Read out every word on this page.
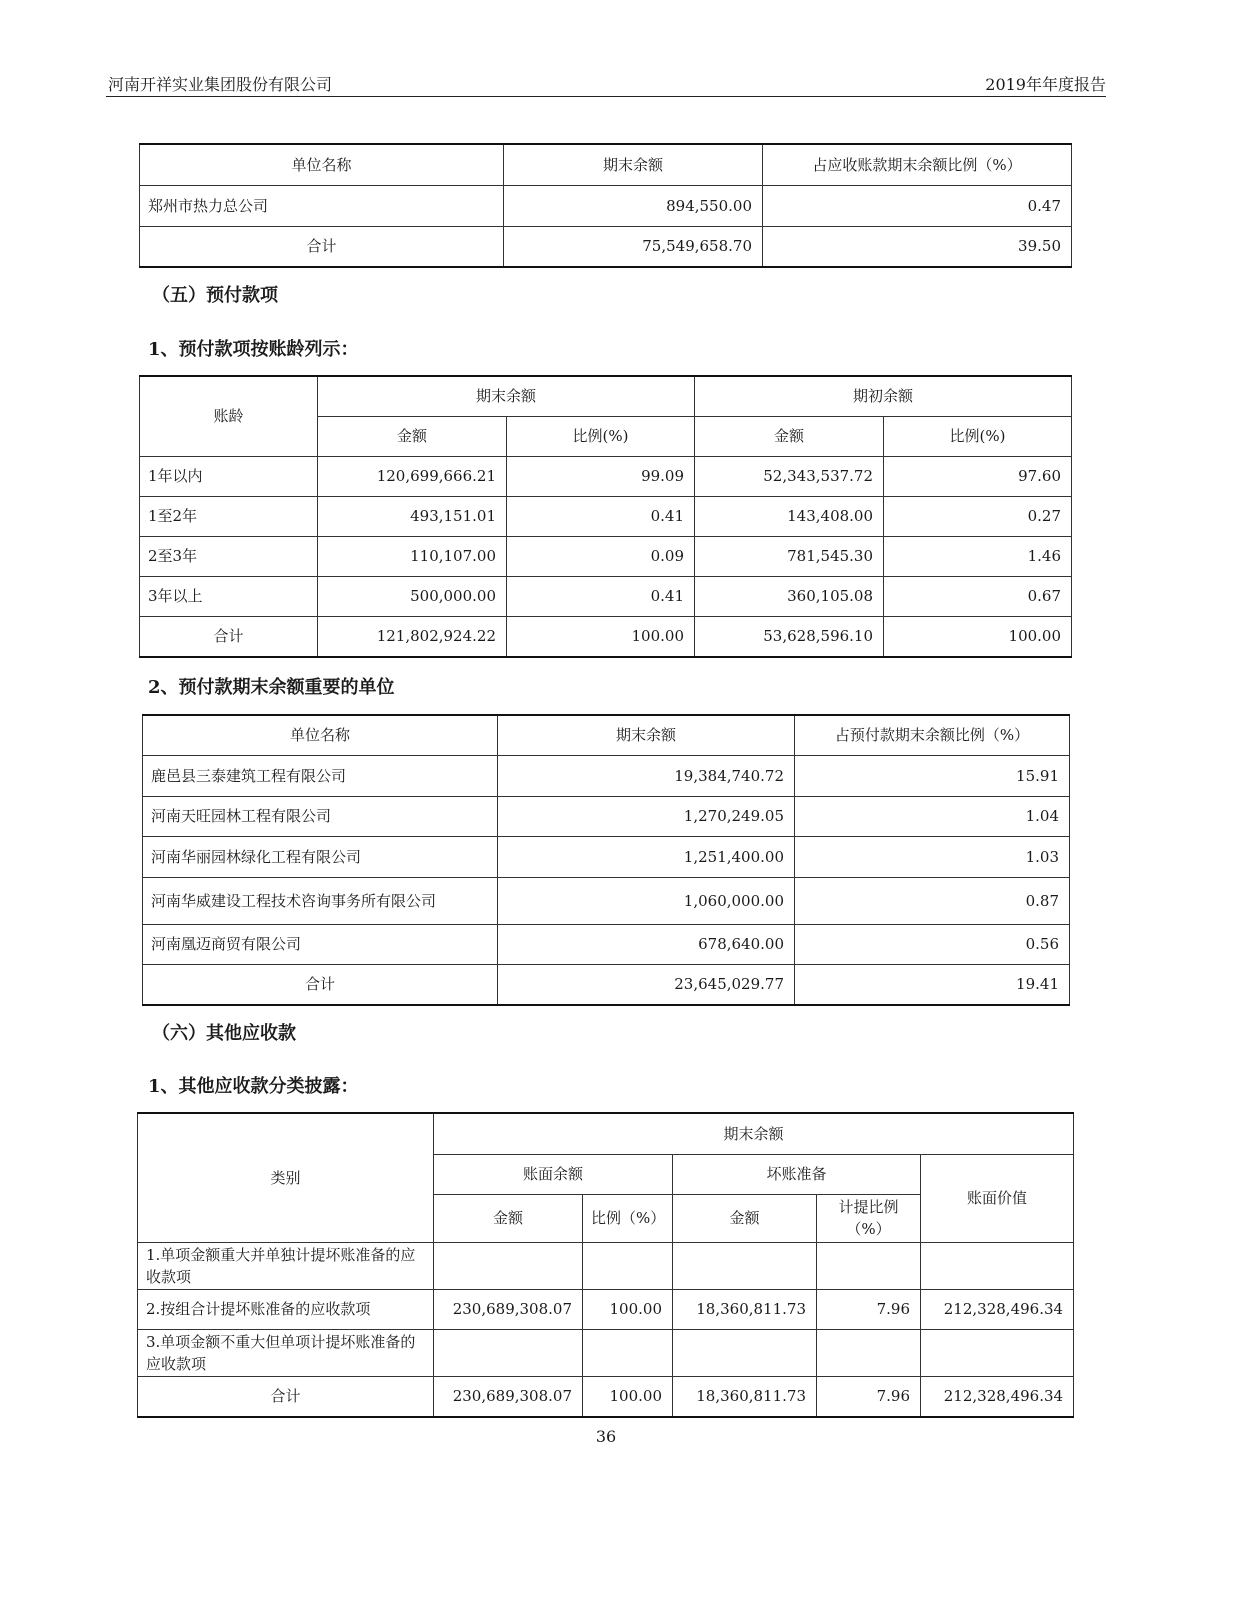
河南开祥实业集团股份有限公司	2019年年度报告
单位名称	期末余额	占应收账款期末余额比例（%）
郑州市热力总公司	894,550.00	0.47
合计	75,549,658.70	39.50
（五）预付款项
1、预付款项按账龄列示：
账龄	期末余额		期初余额	
	金额	比例(%)	金额	比例(%)
1年以内	120,699,666.21	99.09	52,343,537.72	97.60
1至2年	493,151.01	0.41	143,408.00	0.27
2至3年	110,107.00	0.09	781,545.30	1.46
3年以上	500,000.00	0.41	360,105.08	0.67
合计	121,802,924.22	100.00	53,628,596.10	100.00
2、预付款期末余额重要的单位
单位名称	期末余额	占预付款期末余额比例（%）
鹿邑县三泰建筑工程有限公司	19,384,740.72	15.91
河南天旺园林工程有限公司	1,270,249.05	1.04
河南华丽园林绿化工程有限公司	1,251,400.00	1.03
河南华威建设工程技术咨询事务所有限公司	1,060,000.00	0.87
河南凰迈商贸有限公司	678,640.00	0.56
合计	23,645,029.77	19.41
（六）其他应收款
1、其他应收款分类披露：
类别	期末余额				
	账面余额		坏账准备		账面价值
	金额	比例（%）	金额	计提比例（%）	
1.单项金额重大并单独计提坏账准备的应收款项					
2.按组合计提坏账准备的应收款项	230,689,308.07	100.00	18,360,811.73	7.96	212,328,496.34
3.单项金额不重大但单项计提坏账准备的应收款项					
合计	230,689,308.07	100.00	18,360,811.73	7.96	212,328,496.34
36
